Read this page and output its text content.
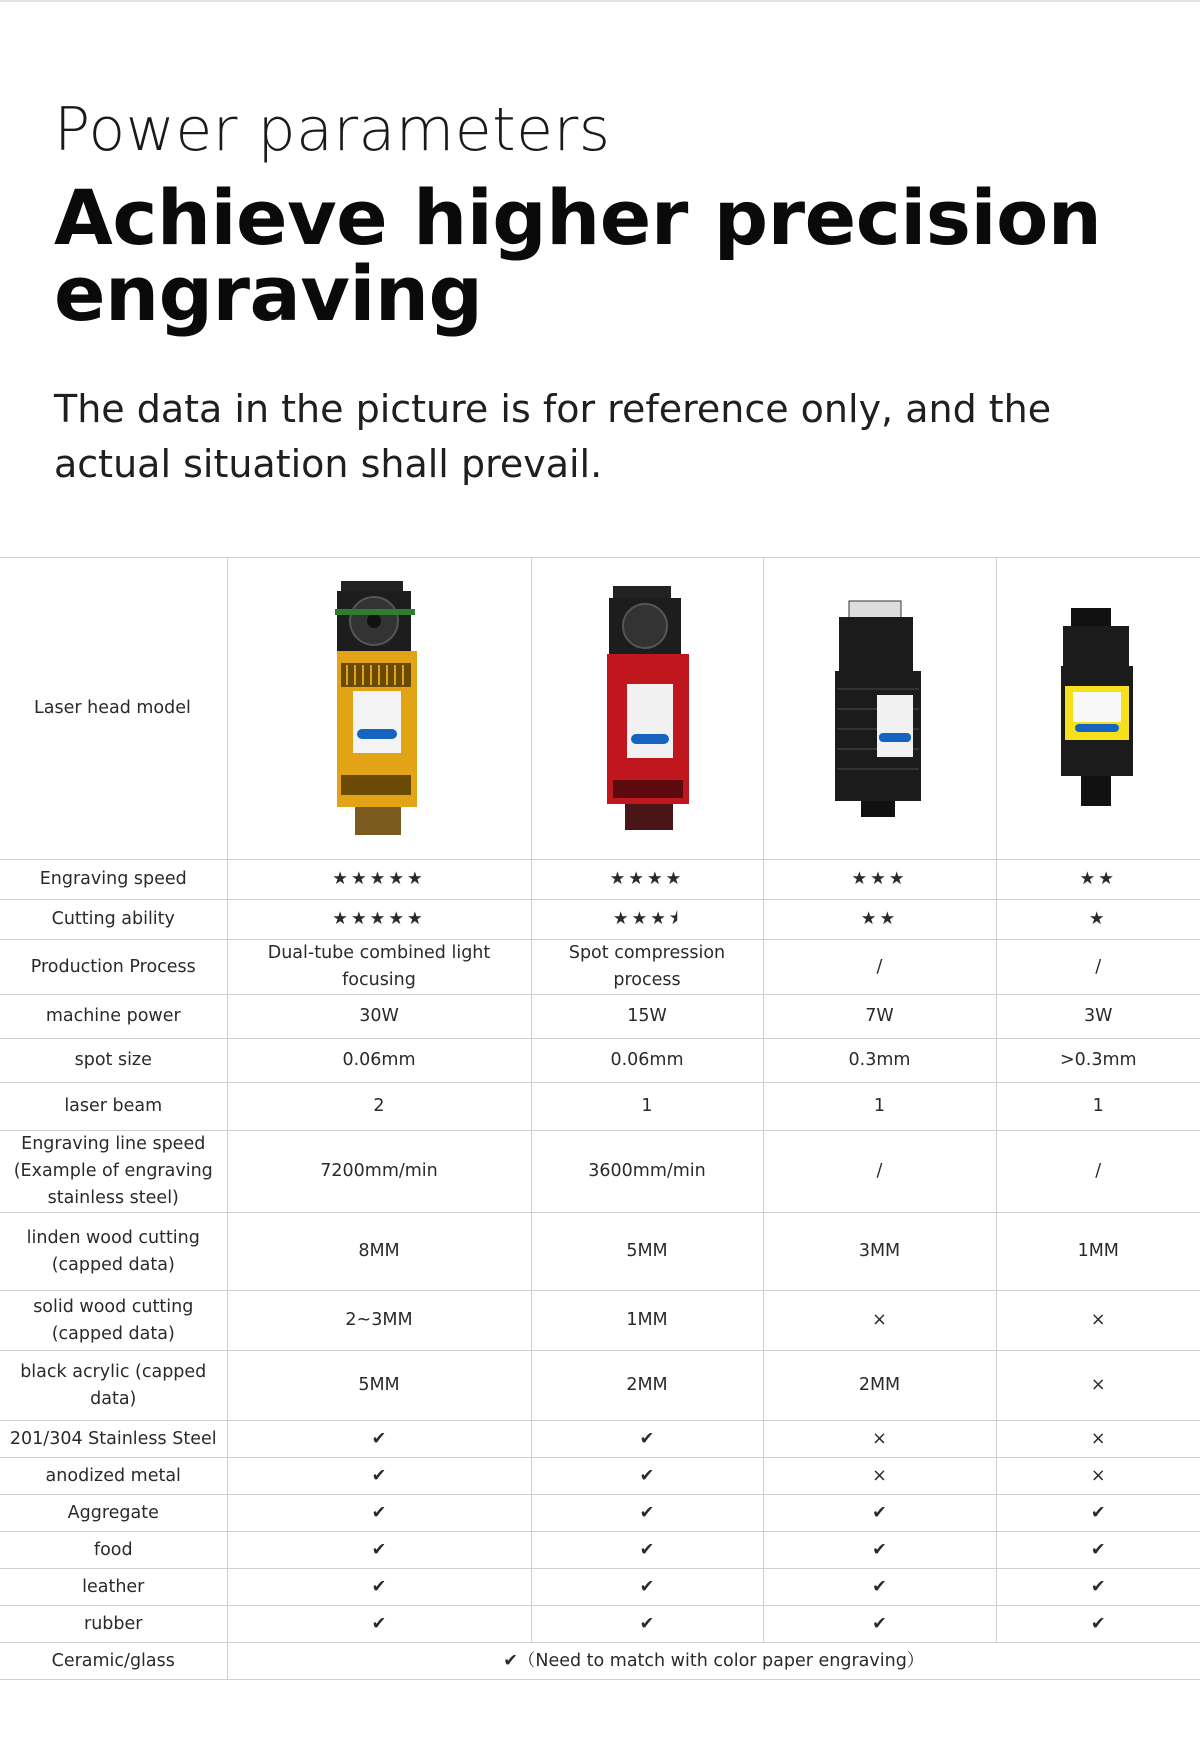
Power parameters
Achieve higher precision
engraving
The data in the picture is for reference only, and the actual situation shall prevail.
Laser head model	

Engraving speed	★★★★★	★★★★	★★★	★★
Cutting ability	★★★★★	★★★⯨	★★	★
Production Process	Dual-tube combined light focusing	Spot compression process	/	/
machine power	30W	15W	7W	3W
spot size	0.06mm	0.06mm	0.3mm	>0.3mm
laser beam	2	1	1	1
Engraving line speed (Example of engraving stainless steel)	7200mm/min	3600mm/min	/	/
linden wood cutting (capped data)	8MM	5MM	3MM	1MM
solid wood cutting (capped data)	2~3MM	1MM	×	×
black acrylic (capped data)	5MM	2MM	2MM	×
201/304 Stainless Steel	✔	✔	×	×
anodized metal	✔	✔	×	×
Aggregate	✔	✔	✔	✔
food	✔	✔	✔	✔
leather	✔	✔	✔	✔
rubber	✔	✔	✔	✔
Ceramic/glass	✔（Need to match with color paper engraving）			
